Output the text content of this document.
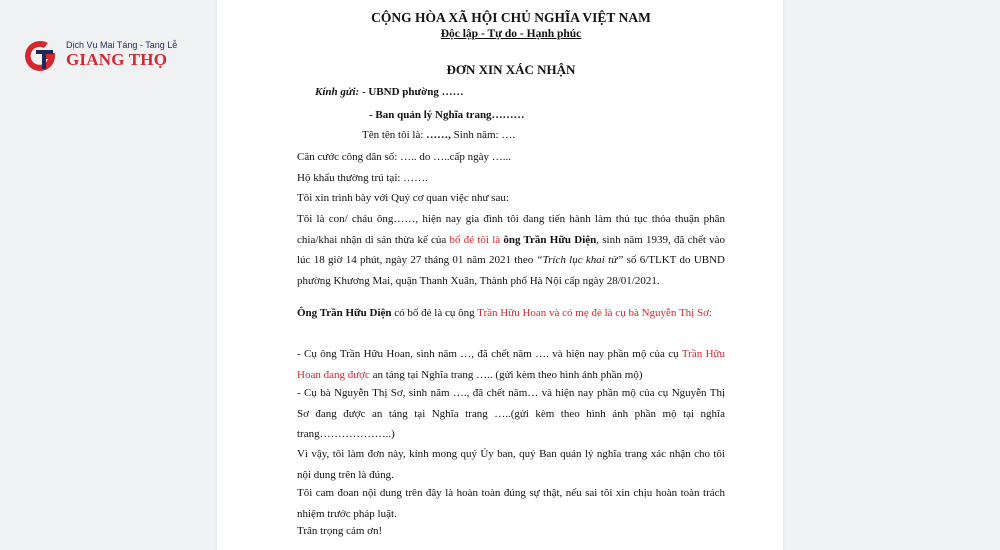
Dịch Vụ Mai Táng - Tang Lễ
GIANG THỌ
CỘNG HÒA XÃ HỘI CHỦ NGHĨA VIỆT NAM
Độc lập - Tự do - Hạnh phúc
ĐƠN XIN XÁC NHẬN
Kính gửi: - UBND phường ……
- Ban quản lý Nghĩa trang………
Tên tên tôi là: ……, Sinh năm: ….
Căn cước công dân số: ….. do …..cấp ngày …...
Hộ khẩu thường trú tại: …….
Tôi xin trình bày với Quý cơ quan việc như sau:
Tôi là con/ cháu ông……, hiện nay gia đình tôi đang tiến hành làm thủ tục thỏa thuận phân chia/khai nhận di sản thừa kế của bố đẻ tôi là ông Trần Hữu Diện, sinh năm 1939, đã chết vào lúc 18 giờ 14 phút, ngày 27 tháng 01 năm 2021 theo “Trích lục khai tử” số 6/TLKT do UBND phường Khương Mai, quận Thanh Xuân, Thành phố Hà Nội cấp ngày 28/01/2021.
Ông Trần Hữu Diện có bố đẻ là cụ ông Trần Hữu Hoan và có mẹ đẻ là cụ bà Nguyễn Thị Sơ:
- Cụ ông Trần Hữu Hoan, sinh năm …, đã chết năm …. và hiện nay phần mộ của cụ Trần Hữu Hoan đang được an táng tại Nghĩa trang ….. (gửi kèm theo hình ảnh phần mộ)
- Cụ bà Nguyễn Thị Sơ, sinh năm …., đã chết năm… và hiện nay phần mộ của cụ Nguyễn Thị Sơ đang được an táng tại Nghĩa trang …..(gửi kèm theo hình ảnh phần mộ tại nghĩa trang………………..)
Vì vậy, tôi làm đơn này, kính mong quý Ủy ban, quý Ban quản lý nghĩa trang xác nhận cho tôi nội dung trên là đúng.
Tôi cam đoan nội dung trên đây là hoàn toàn đúng sự thật, nếu sai tôi xin chịu hoàn toàn trách nhiệm trước pháp luật.
Trân trọng cảm ơn!
